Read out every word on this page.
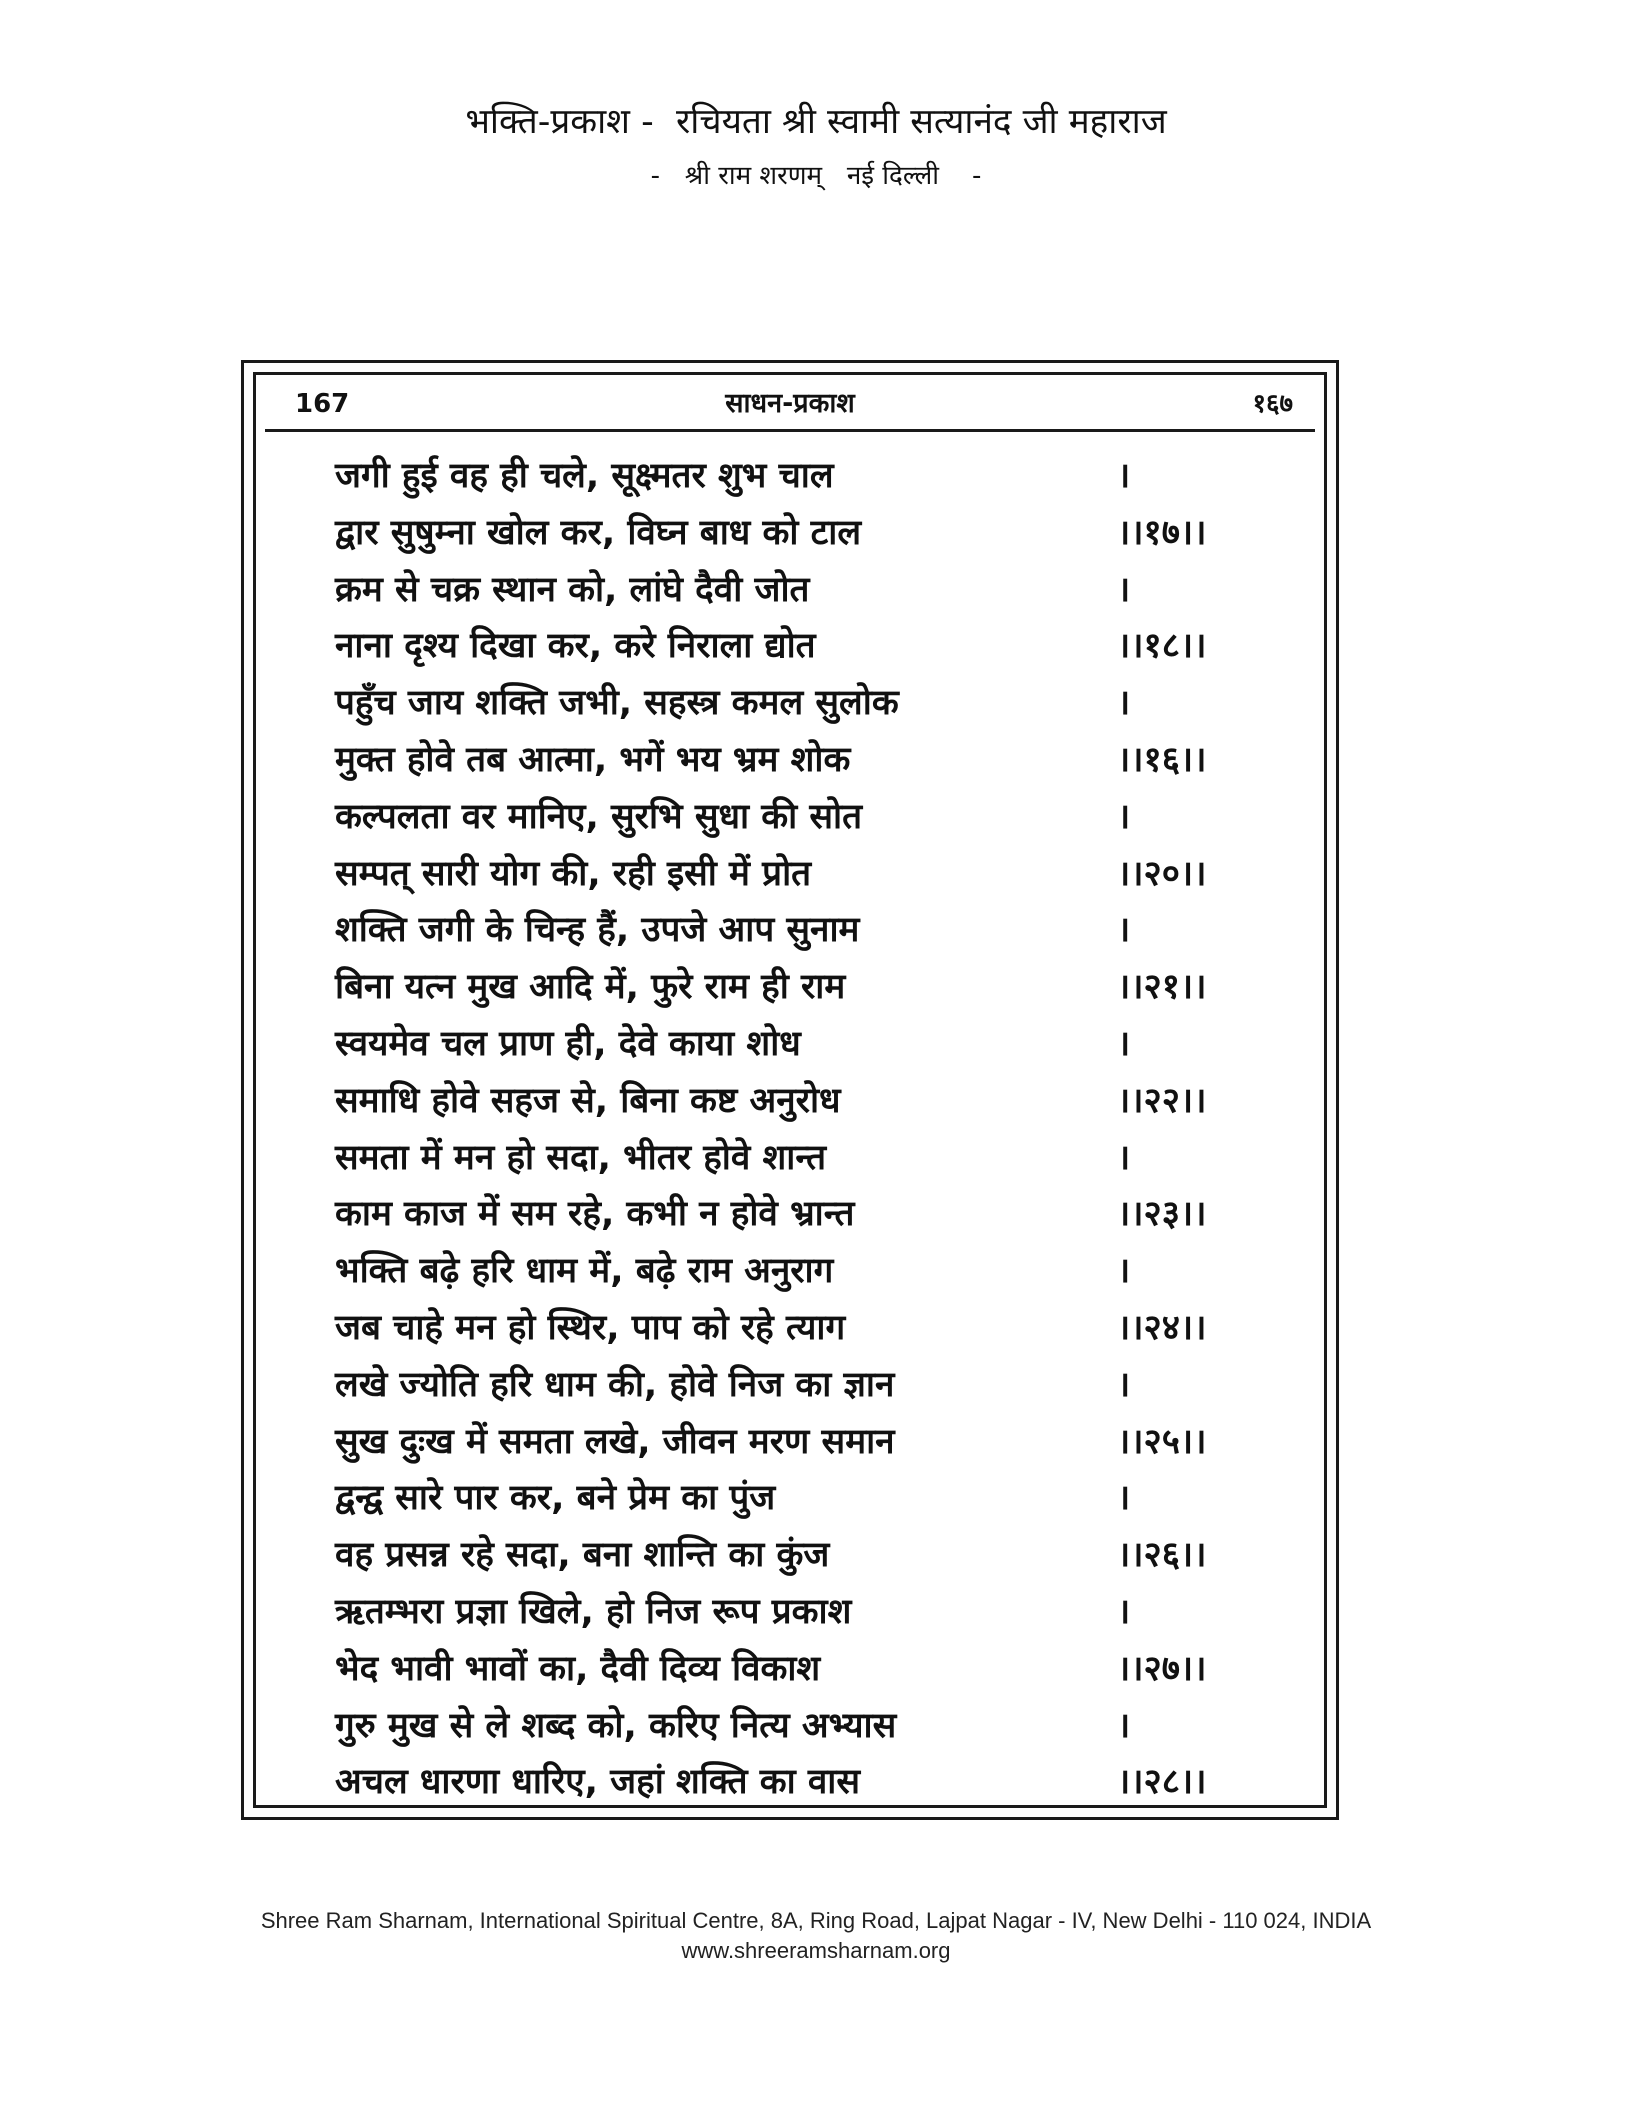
भक्ति-प्रकाश -  रचियता श्री स्वामी सत्यानंद जी महाराज
-   श्री राम शरणम्   नई दिल्ली    -
167	साधन-प्रकाश	१६७
जगी हुई वह ही चले, सूक्ष्मतर शुभ चाल	।
द्वार सुषुम्ना खोल कर, विघ्न बाध को टाल	।।१७।।
क्रम से चक्र स्थान को, लांघे दैवी जोत	।
नाना दृश्य दिखा कर, करे निराला द्योत	।।१८।।
पहुँच जाय शक्ति जभी, सहस्त्र कमल सुलोक	।
मुक्त होवे तब आत्मा, भगें भय भ्रम शोक	।।१६।।
कल्पलता वर मानिए, सुरभि सुधा की सोत	।
सम्पत् सारी योग की, रही इसी में प्रोत	।।२०।।
शक्ति जगी के चिन्ह हैं, उपजे आप सुनाम	।
बिना यत्न मुख आदि में, फुरे राम ही राम	।।२१।।
स्वयमेव चल प्राण ही, देवे काया शोध	।
समाधि होवे सहज से, बिना कष्ट अनुरोध	।।२२।।
समता में मन हो सदा, भीतर होवे शान्त	।
काम काज में सम रहे, कभी न होवे भ्रान्त	।।२३।।
भक्ति बढ़े हरि धाम में, बढ़े राम अनुराग	।
जब चाहे मन हो स्थिर, पाप को रहे त्याग	।।२४।।
लखे ज्योति हरि धाम की, होवे निज का ज्ञान	।
सुख दुःख में समता लखे, जीवन मरण समान	।।२५।।
द्वन्द्व सारे पार कर, बने प्रेम का पुंज	।
वह प्रसन्न रहे सदा, बना शान्ति का कुंज	।।२६।।
ऋतम्भरा प्रज्ञा खिले, हो निज रूप प्रकाश	।
भेद भावी भावों का, दैवी दिव्य विकाश	।।२७।।
गुरु मुख से ले शब्द को, करिए नित्य अभ्यास	।
अचल धारणा धारिए, जहां शक्ति का वास	।।२८।।
Shree Ram Sharnam, International Spiritual Centre, 8A, Ring Road, Lajpat Nagar - IV, New Delhi - 110 024, INDIA
www.shreeramsharnam.org
